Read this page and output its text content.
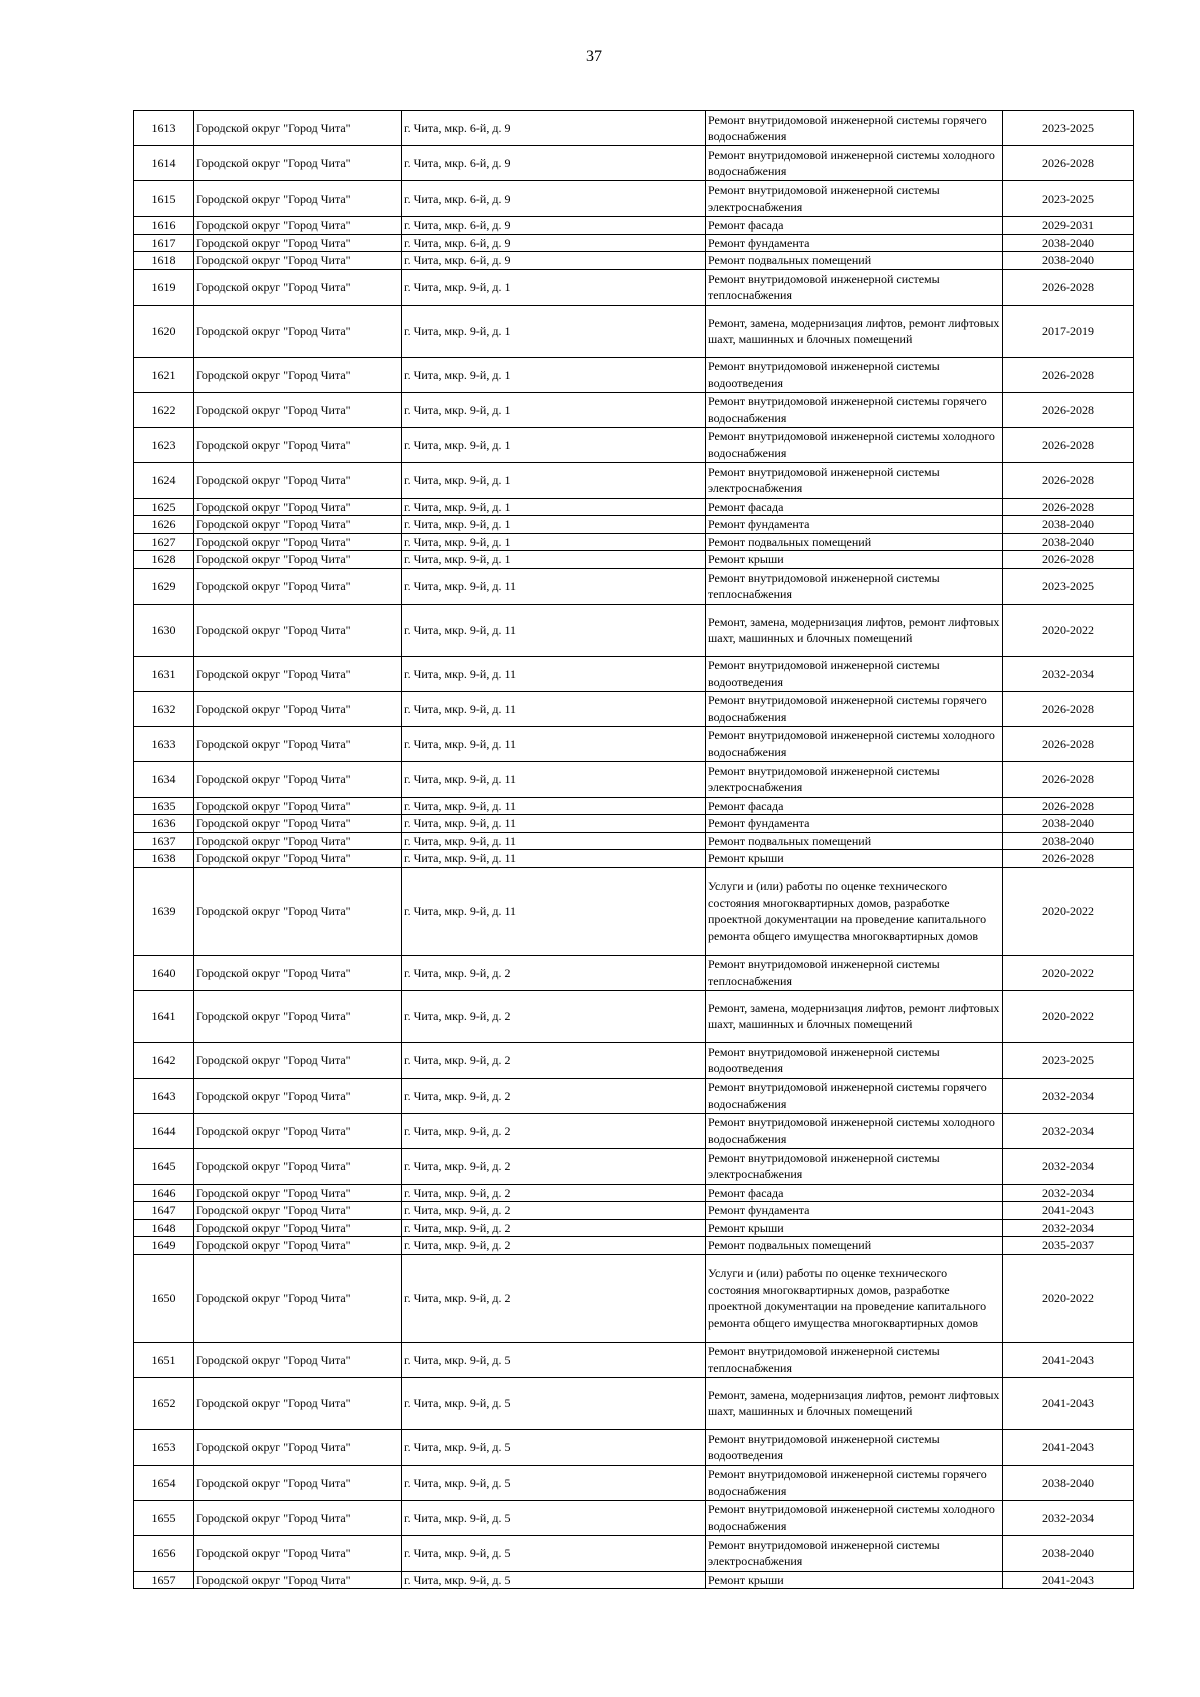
37
1613	Городской округ "Город Чита"	г. Чита, мкр. 6-й, д. 9	Ремонт внутридомовой инженерной системы горячего водоснабжения	2023-2025
1614	Городской округ "Город Чита"	г. Чита, мкр. 6-й, д. 9	Ремонт внутридомовой инженерной системы холодного водоснабжения	2026-2028
1615	Городской округ "Город Чита"	г. Чита, мкр. 6-й, д. 9	Ремонт внутридомовой инженерной системы электроснабжения	2023-2025
1616	Городской округ "Город Чита"	г. Чита, мкр. 6-й, д. 9	Ремонт фасада	2029-2031
1617	Городской округ "Город Чита"	г. Чита, мкр. 6-й, д. 9	Ремонт фундамента	2038-2040
1618	Городской округ "Город Чита"	г. Чита, мкр. 6-й, д. 9	Ремонт подвальных помещений	2038-2040
1619	Городской округ "Город Чита"	г. Чита, мкр. 9-й, д. 1	Ремонт внутридомовой инженерной системы теплоснабжения	2026-2028
1620	Городской округ "Город Чита"	г. Чита, мкр. 9-й, д. 1	Ремонт, замена, модернизация лифтов, ремонт лифтовых шахт, машинных и блочных помещений	2017-2019
1621	Городской округ "Город Чита"	г. Чита, мкр. 9-й, д. 1	Ремонт внутридомовой инженерной системы водоотведения	2026-2028
1622	Городской округ "Город Чита"	г. Чита, мкр. 9-й, д. 1	Ремонт внутридомовой инженерной системы горячего водоснабжения	2026-2028
1623	Городской округ "Город Чита"	г. Чита, мкр. 9-й, д. 1	Ремонт внутридомовой инженерной системы холодного водоснабжения	2026-2028
1624	Городской округ "Город Чита"	г. Чита, мкр. 9-й, д. 1	Ремонт внутридомовой инженерной системы электроснабжения	2026-2028
1625	Городской округ "Город Чита"	г. Чита, мкр. 9-й, д. 1	Ремонт фасада	2026-2028
1626	Городской округ "Город Чита"	г. Чита, мкр. 9-й, д. 1	Ремонт фундамента	2038-2040
1627	Городской округ "Город Чита"	г. Чита, мкр. 9-й, д. 1	Ремонт подвальных помещений	2038-2040
1628	Городской округ "Город Чита"	г. Чита, мкр. 9-й, д. 1	Ремонт крыши	2026-2028
1629	Городской округ "Город Чита"	г. Чита, мкр. 9-й, д. 11	Ремонт внутридомовой инженерной системы теплоснабжения	2023-2025
1630	Городской округ "Город Чита"	г. Чита, мкр. 9-й, д. 11	Ремонт, замена, модернизация лифтов, ремонт лифтовых шахт, машинных и блочных помещений	2020-2022
1631	Городской округ "Город Чита"	г. Чита, мкр. 9-й, д. 11	Ремонт внутридомовой инженерной системы водоотведения	2032-2034
1632	Городской округ "Город Чита"	г. Чита, мкр. 9-й, д. 11	Ремонт внутридомовой инженерной системы горячего водоснабжения	2026-2028
1633	Городской округ "Город Чита"	г. Чита, мкр. 9-й, д. 11	Ремонт внутридомовой инженерной системы холодного водоснабжения	2026-2028
1634	Городской округ "Город Чита"	г. Чита, мкр. 9-й, д. 11	Ремонт внутридомовой инженерной системы электроснабжения	2026-2028
1635	Городской округ "Город Чита"	г. Чита, мкр. 9-й, д. 11	Ремонт фасада	2026-2028
1636	Городской округ "Город Чита"	г. Чита, мкр. 9-й, д. 11	Ремонт фундамента	2038-2040
1637	Городской округ "Город Чита"	г. Чита, мкр. 9-й, д. 11	Ремонт подвальных помещений	2038-2040
1638	Городской округ "Город Чита"	г. Чита, мкр. 9-й, д. 11	Ремонт крыши	2026-2028
1639	Городской округ "Город Чита"	г. Чита, мкр. 9-й, д. 11	Услуги и (или) работы по оценке технического состояния многоквартирных домов, разработке проектной документации на проведение капитального ремонта общего имущества многоквартирных домов	2020-2022
1640	Городской округ "Город Чита"	г. Чита, мкр. 9-й, д. 2	Ремонт внутридомовой инженерной системы теплоснабжения	2020-2022
1641	Городской округ "Город Чита"	г. Чита, мкр. 9-й, д. 2	Ремонт, замена, модернизация лифтов, ремонт лифтовых шахт, машинных и блочных помещений	2020-2022
1642	Городской округ "Город Чита"	г. Чита, мкр. 9-й, д. 2	Ремонт внутридомовой инженерной системы водоотведения	2023-2025
1643	Городской округ "Город Чита"	г. Чита, мкр. 9-й, д. 2	Ремонт внутридомовой инженерной системы горячего водоснабжения	2032-2034
1644	Городской округ "Город Чита"	г. Чита, мкр. 9-й, д. 2	Ремонт внутридомовой инженерной системы холодного водоснабжения	2032-2034
1645	Городской округ "Город Чита"	г. Чита, мкр. 9-й, д. 2	Ремонт внутридомовой инженерной системы электроснабжения	2032-2034
1646	Городской округ "Город Чита"	г. Чита, мкр. 9-й, д. 2	Ремонт фасада	2032-2034
1647	Городской округ "Город Чита"	г. Чита, мкр. 9-й, д. 2	Ремонт фундамента	2041-2043
1648	Городской округ "Город Чита"	г. Чита, мкр. 9-й, д. 2	Ремонт крыши	2032-2034
1649	Городской округ "Город Чита"	г. Чита, мкр. 9-й, д. 2	Ремонт подвальных помещений	2035-2037
1650	Городской округ "Город Чита"	г. Чита, мкр. 9-й, д. 2	Услуги и (или) работы по оценке технического состояния многоквартирных домов, разработке проектной документации на проведение капитального ремонта общего имущества многоквартирных домов	2020-2022
1651	Городской округ "Город Чита"	г. Чита, мкр. 9-й, д. 5	Ремонт внутридомовой инженерной системы теплоснабжения	2041-2043
1652	Городской округ "Город Чита"	г. Чита, мкр. 9-й, д. 5	Ремонт, замена, модернизация лифтов, ремонт лифтовых шахт, машинных и блочных помещений	2041-2043
1653	Городской округ "Город Чита"	г. Чита, мкр. 9-й, д. 5	Ремонт внутридомовой инженерной системы водоотведения	2041-2043
1654	Городской округ "Город Чита"	г. Чита, мкр. 9-й, д. 5	Ремонт внутридомовой инженерной системы горячего водоснабжения	2038-2040
1655	Городской округ "Город Чита"	г. Чита, мкр. 9-й, д. 5	Ремонт внутридомовой инженерной системы холодного водоснабжения	2032-2034
1656	Городской округ "Город Чита"	г. Чита, мкр. 9-й, д. 5	Ремонт внутридомовой инженерной системы электроснабжения	2038-2040
1657	Городской округ "Город Чита"	г. Чита, мкр. 9-й, д. 5	Ремонт крыши	2041-2043
